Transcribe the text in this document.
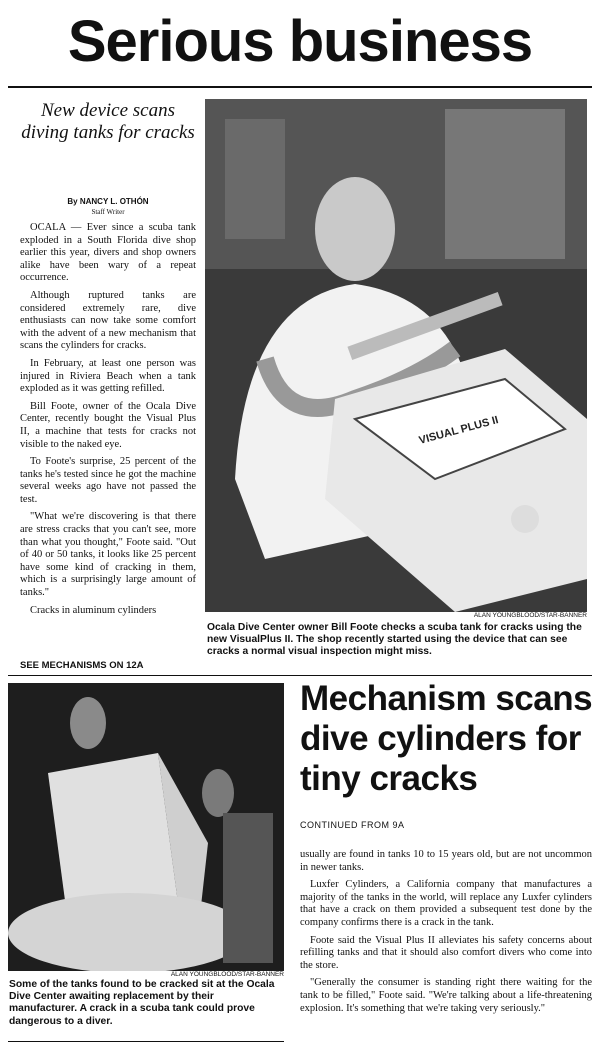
Serious business
New device scans diving tanks for cracks
By NANCY L. OTHÓN
Staff Writer

OCALA — Ever since a scuba tank exploded in a South Florida dive shop earlier this year, divers and shop owners alike have been wary of a repeat occurrence.

Although ruptured tanks are considered extremely rare, dive enthusiasts can now take some comfort with the advent of a new mechanism that scans the cylinders for cracks.

In February, at least one person was injured in Riviera Beach when a tank exploded as it was getting refilled.

Bill Foote, owner of the Ocala Dive Center, recently bought the Visual Plus II, a machine that tests for cracks not visible to the naked eye.

To Foote's surprise, 25 percent of the tanks he's tested since he got the machine several weeks ago have not passed the test.

"What we're discovering is that there are stress cracks that you can't see, more than what you thought," Foote said. "Out of 40 or 50 tanks, it looks like 25 percent have some kind of cracking in them, which is a surprisingly large amount of tanks."

Cracks in aluminum cylinders

SEE MECHANISMS ON 12A
VISUAL PLUS II
ALAN YOUNGBLOOD/STAR-BANNER
Ocala Dive Center owner Bill Foote checks a scuba tank for cracks using the new VisualPlus II. The shop recently started using the device that can see cracks a normal visual inspection might miss.
ALAN YOUNGBLOOD/STAR-BANNER
Some of the tanks found to be cracked sit at the Ocala Dive Center awaiting replacement by their manufacturer. A crack in a scuba tank could prove dangerous to a diver.
Mechanism scans dive cylinders for tiny cracks
CONTINUED FROM 9A

usually are found in tanks 10 to 15 years old, but are not uncommon in newer tanks.

Luxfer Cylinders, a California company that manufactures a majority of the tanks in the world, will replace any Luxfer cylinders that have a crack on them provided a subsequent test done by the company confirms there is a crack in the tank.

Foote said the Visual Plus II alleviates his safety concerns about refilling tanks and that it should also comfort divers who come into the store.

"Generally the consumer is standing right there waiting for the tank to be filled," Foote said. "We're talking about a life-threatening explosion. It's something that we're taking very seriously."
